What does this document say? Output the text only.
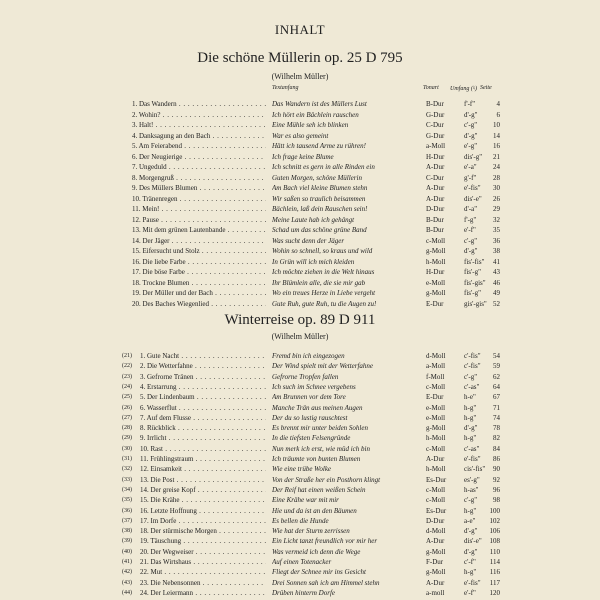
INHALT
Die schöne Müllerin op. 25 D 795
(Wilhelm Müller)
Textanfang	Tonart Umfang (♮) Seite
1. Das Wandern . . .	Das Wandern ist des Müllers Lust	B-Dur	f'-f"	4
2. Wohin? . . .	Ich hört ein Bächlein rauschen	G-Dur	d'-g"	6
3. Halt! . . .	Eine Mühle seh ich blinken	C-Dur	c'-g"	10
4. Danksagung an den Bach . . .	War es also gemeint	G-Dur	d'-g"	14
5. Am Feierabend . . .	Hätt ich tausend Arme zu rühren!	a-Moll	e'-g"	16
6. Der Neugierige . . .	Ich frage keine Blume	H-Dur	dis'-g"	21
7. Ungeduld . . .	Ich schnitt es gern in alle Rinden ein	A-Dur	e'-a"	24
8. Morgengruß . . .	Guten Morgen, schöne Müllerin	C-Dur	g'-f"	28
9. Des Müllers Blumen . . .	Am Bach viel kleine Blumen stehn	A-Dur	e'-fis"	30
10. Tränenregen . . .	Wir saßen so traulich beisammen	A-Dur	dis'-e"	26
11. Mein! . . .	Bächlein, laß dein Rauschen sein!	D-Dur	d'-a"	29
12. Pause . . .	Meine Laute hab ich gehängt	B-Dur	f'-g"	32
13. Mit dem grünen Lautenbande . . .	Schad um das schöne grüne Band	B-Dur	e'-f"	35
14. Der Jäger . . .	Was sucht denn der Jäger	c-Moll	c'-g"	36
15. Eifersucht und Stolz . . .	Wohin so schnell, so kraus und wild	g-Moll	d'-g"	38
16. Die liebe Farbe . . .	In Grün will ich mich kleiden	h-Moll	fis'-fis"	41
17. Die böse Farbe . . .	Ich möchte ziehen in die Welt hinaus	H-Dur	fis'-g"	43
18. Trockne Blumen . . .	Ihr Blümlein alle, die sie mir gab	e-Moll	fis'-gis"	46
19. Der Müller und der Bach . . .	Wo ein treues Herze in Liebe vergeht	g-Moll	fis'-g"	49
20. Des Baches Wiegenlied . . .	Gute Ruh, gute Ruh, tu die Augen zu!	E-Dur	gis'-gis" 52
Winterreise op. 89 D 911
(Wilhelm Müller)
(21)	1. Gute Nacht . . .	Fremd bin ich eingezogen	d-Moll	c'-fis"	54
(22)	2. Die Wetterfahne . . .	Der Wind spielt mit der Wetterfahne	a-Moll	c'-fis"	59
(23)	3. Gefrorne Tränen . . .	Gefrorne Tropfen fallen	f-Moll	c'-g"	62
(24)	4. Erstarrung . . .	Ich such im Schnee vergebens	c-Moll	c'-as"	64
(25)	5. Der Lindenbaum . . .	Am Brunnen vor dem Tore	E-Dur	h-e"	67
(26)	6. Wasserflut . . .	Manche Trän aus meinen Augen	e-Moll	h-g"	71
(27)	7. Auf dem Flusse . . .	Der du so lustig rauschtest	e-Moll	h-g"	74
(28)	8. Rückblick . . .	Es brennt mir unter beiden Sohlen	g-Moll	d'-g"	78
(29)	9. Irrlicht . . .	In die tiefsten Felsengründe	h-Moll	h-g"	82
(30)	10. Rast . . .	Nun merk ich erst, wie müd ich bin	c-Moll	c'-as"	84
(31)	11. Frühlingstraum . . .	Ich träumte von bunten Blumen	A-Dur	e'-fis"	86
(32)	12. Einsamkeit . . .	Wie eine trübe Wolke	h-Moll	cis'-fis"	90
(33)	13. Die Post . . .	Von der Straße her ein Posthorn klingt	Es-Dur	es'-g"	92
(34)	14. Der greise Kopf . . .	Der Reif hat einen weißen Schein	c-Moll	h-as"	96
(35)	15. Die Krähe . . .	Eine Krähe war mit mir	c-Moll	c'-g"	98
(36)	16. Letzte Hoffnung . . .	Hie und da ist an den Bäumen	Es-Dur	h-g"	100
(37)	17. Im Dorfe . . .	Es bellen die Hunde	D-Dur	a-e"	102
(38)	18. Der stürmische Morgen . . .	Wie hat der Sturm zerrissen	d-Moll	d'-g"	106
(39)	19. Täuschung . . .	Ein Licht tanzt freundlich vor mir her	A-Dur	dis'-e"	108
(40)	20. Der Wegweiser . . .	Was vermeid ich denn die Wege	g-Moll	d'-g"	110
(41)	21. Das Wirtshaus . . .	Auf einen Totenacker	F-Dur	c'-f"	114
(42)	22. Mut . . .	Fliegt der Schnee mir ins Gesicht	g-Moll	h-g"	116
(43)	23. Die Nebensonnen . . .	Drei Sonnen sah ich am Himmel stehn	A-Dur	e'-fis"	117
(44)	24. Der Leiermann . . .	Drüben hinterm Dorfe	a-moll	e'-f"	120
